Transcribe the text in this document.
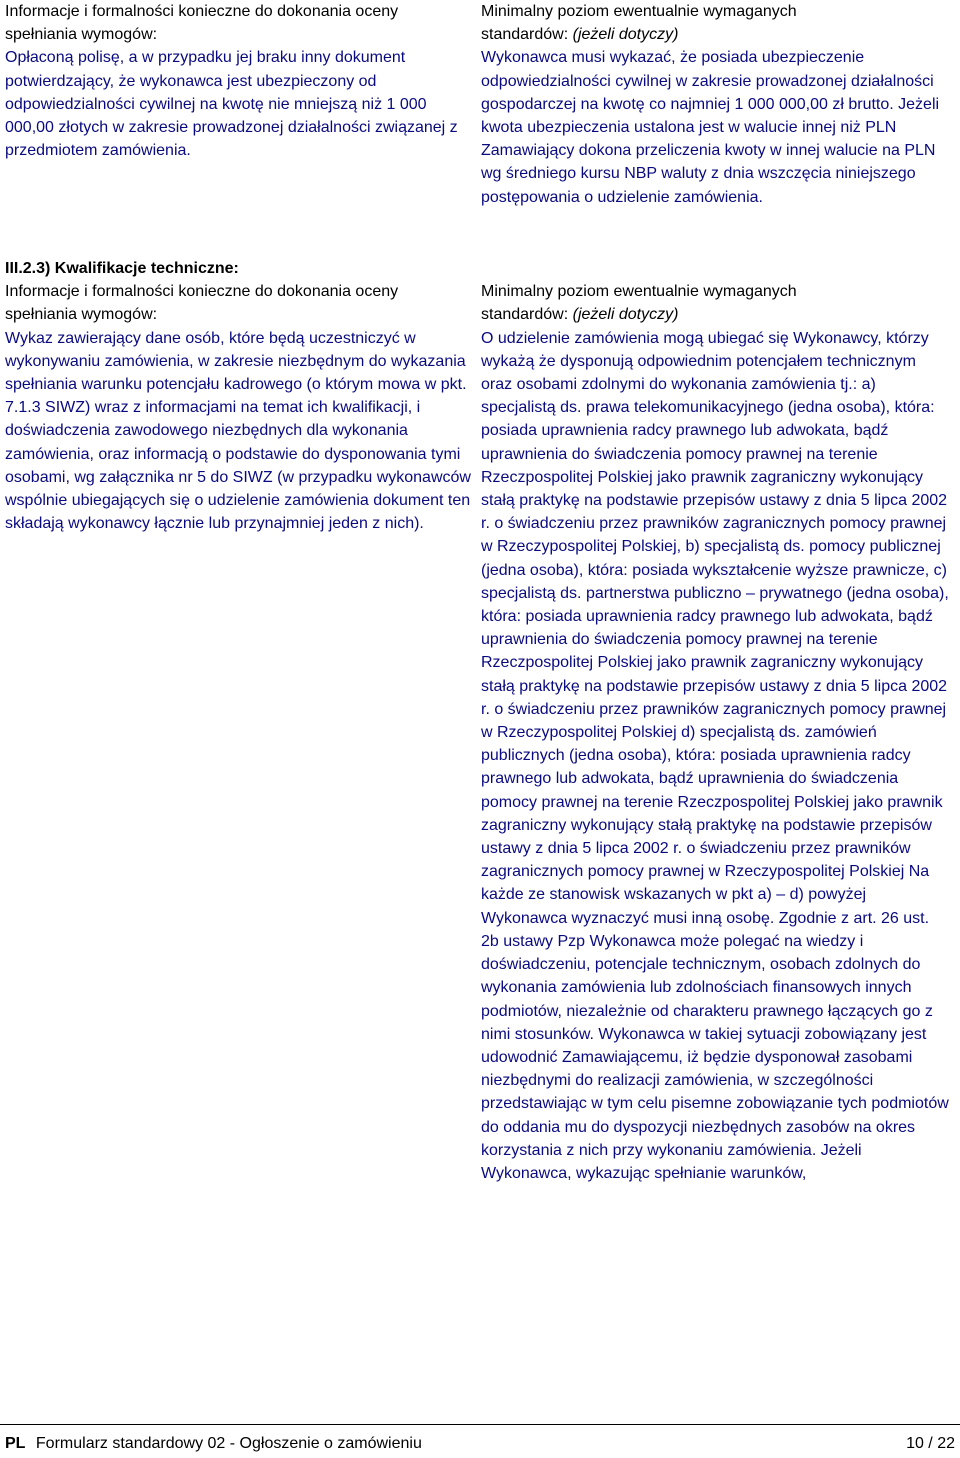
Informacje i formalności konieczne do dokonania oceny
spełniania wymogów:

Opłaconą polisę, a w przypadku jej braku inny dokument potwierdzający, że wykonawca jest ubezpieczony od odpowiedzialności cywilnej na kwotę nie mniejszą niż 1 000 000,00 złotych w zakresie prowadzonej działalności związanej z przedmiotem zamówienia.

Minimalny poziom ewentualnie wymaganych
standardów: (jeżeli dotyczy)

Wykonawca musi wykazać, że posiada ubezpieczenie odpowiedzialności cywilnej w zakresie prowadzonej działalności gospodarczej na kwotę co najmniej 1 000 000,00 zł brutto. Jeżeli kwota ubezpieczenia ustalona jest w walucie innej niż PLN Zamawiający dokona przeliczenia kwoty w innej walucie na PLN wg średniego kursu NBP waluty z dnia wszczęcia niniejszego postępowania o udzielenie zamówienia.

III.2.3) Kwalifikacje techniczne:
Informacje i formalności konieczne do dokonania oceny
spełniania wymogów:

Wykaz zawierający dane osób, które będą uczestniczyć w wykonywaniu zamówienia, w zakresie niezbędnym do wykazania spełniania warunku potencjału kadrowego (o którym mowa w pkt. 7.1.3 SIWZ) wraz z informacjami na temat ich kwalifikacji, i doświadczenia zawodowego niezbędnych dla wykonania zamówienia, oraz informacją o podstawie do dysponowania tymi osobami, wg załącznika nr 5 do SIWZ (w przypadku wykonawców wspólnie ubiegających się o udzielenie zamówienia dokument ten składają wykonawcy łącznie lub przynajmniej jeden z nich).

Minimalny poziom ewentualnie wymaganych
standardów: (jeżeli dotyczy)

O udzielenie zamówienia mogą ubiegać się Wykonawcy, którzy wykażą że dysponują odpowiednim potencjałem technicznym oraz osobami zdolnymi do wykonania zamówienia tj.: a) specjalistą ds. prawa telekomunikacyjnego (jedna osoba), która: posiada uprawnienia radcy prawnego lub adwokata, bądź uprawnienia do świadczenia pomocy prawnej na terenie Rzeczpospolitej Polskiej jako prawnik zagraniczny wykonujący stałą praktykę na podstawie przepisów ustawy z dnia 5 lipca 2002 r. o świadczeniu przez prawników zagranicznych pomocy prawnej w Rzeczypospolitej Polskiej, b) specjalistą ds. pomocy publicznej (jedna osoba), która: posiada wykształcenie wyższe prawnicze, c) specjalistą ds. partnerstwa publiczno – prywatnego (jedna osoba), która: posiada uprawnienia radcy prawnego lub adwokata, bądź uprawnienia do świadczenia pomocy prawnej na terenie Rzeczpospolitej Polskiej jako prawnik zagraniczny wykonujący stałą praktykę na podstawie przepisów ustawy z dnia 5 lipca 2002 r. o świadczeniu przez prawników zagranicznych pomocy prawnej w Rzeczypospolitej Polskiej d) specjalistą ds. zamówień publicznych (jedna osoba), która: posiada uprawnienia radcy prawnego lub adwokata, bądź uprawnienia do świadczenia pomocy prawnej na terenie Rzeczpospolitej Polskiej jako prawnik zagraniczny wykonujący stałą praktykę na podstawie przepisów ustawy z dnia 5 lipca 2002 r. o świadczeniu przez prawników zagranicznych pomocy prawnej w Rzeczypospolitej Polskiej Na każde ze stanowisk wskazanych w pkt a) – d) powyżej Wykonawca wyznaczyć musi inną osobę. Zgodnie z art. 26 ust. 2b ustawy Pzp Wykonawca może polegać na wiedzy i doświadczeniu, potencjale technicznym, osobach zdolnych do wykonania zamówienia lub zdolnościach finansowych innych podmiotów, niezależnie od charakteru prawnego łączących go z nimi stosunków. Wykonawca w takiej sytuacji zobowiązany jest udowodnić Zamawiającemu, iż będzie dysponował zasobami niezbędnymi do realizacji zamówienia, w szczególności przedstawiając w tym celu pisemne zobowiązanie tych podmiotów do oddania mu do dyspozycji niezbędnych zasobów na okres korzystania z nich przy wykonaniu zamówienia. Jeżeli Wykonawca, wykazując spełnianie warunków,

PL Formularz standardowy 02 - Ogłoszenie o zamówieniu	10 / 22
